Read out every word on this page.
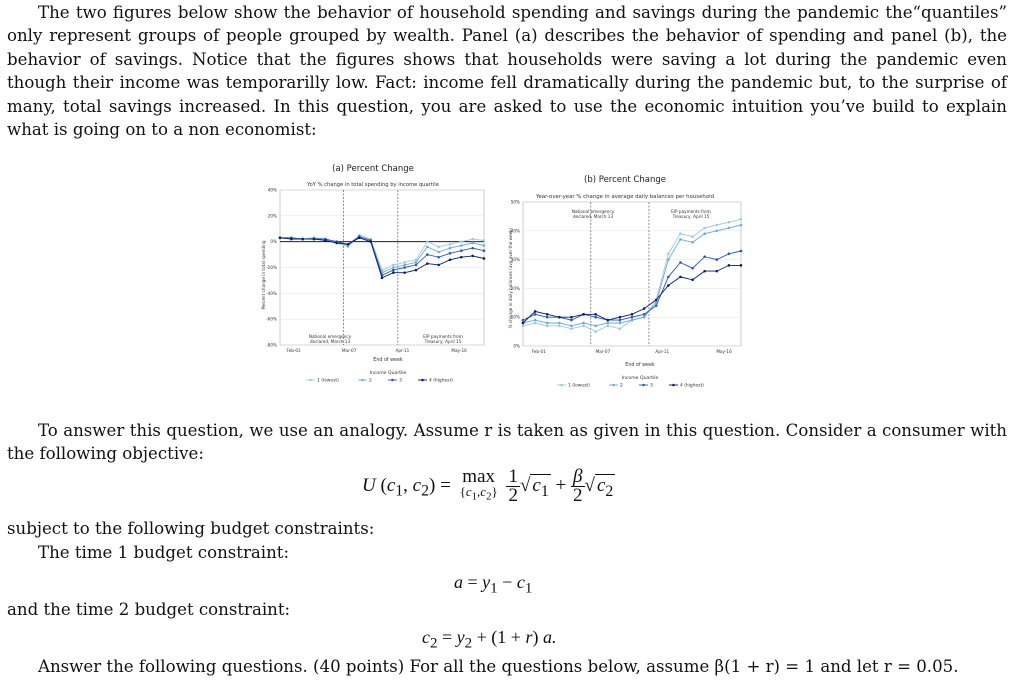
The two figures below show the behavior of household spending and savings during the pandemic the“quantiles” only represent groups of people grouped by wealth. Panel (a) describes the behavior of spending and panel (b), the behavior of savings. Notice that the figures shows that households were saving a lot during the pandemic even though their income was temporarilly low. Fact: income fell dramatically during the pandemic but, to the surprise of many, total savings increased. In this question, you are asked to use the economic intuition you’ve build to explain what is going on to a non economist:

(a) Percent Change
YoY % change in total spending by income quartile
Percent change in total spending
40%
20%
0%
-20%
-40%
-60%
-80%
Feb-01	Mar-07	Apr-11	May-16
National emergency
declared, March 13
EIP payments from
Treasury, April 15
End of week
Income Quartile
1 (lowest)	2	3	4 (highest)
(b) Percent Change
Year-over-year % change in average daily balances per household
% change in daily balances (avg over the week)
50%
40%
30%
20%
10%
0%
Feb-01	Mar-07	Apr-11	May-16
National emergency
declared, March 13
EIP payments from
Treasury, April 15
End of week
Income Quartile
1 (lowest)	2	3	4 (highest)

To answer this question, we use an analogy. Assume r is taken as given in this question. Consider a consumer with the following objective:

U ($c_1$, $c_2) = \max$
$\{c_1,c_2\}$
$\frac{1}{2}$ √ $c_1 + \frac{\beta}{2}$ √ $c_2$

subject to the following budget constraints:

The time 1 budget constraint:

$a = y_1 - c_1$

and the time 2 budget constraint:

$c_2 = y_2 + (1 + r)$ a.

Answer the following questions. (40 points) For all the questions below, assume β(1 + r) = 1 and let r = 0.05.
